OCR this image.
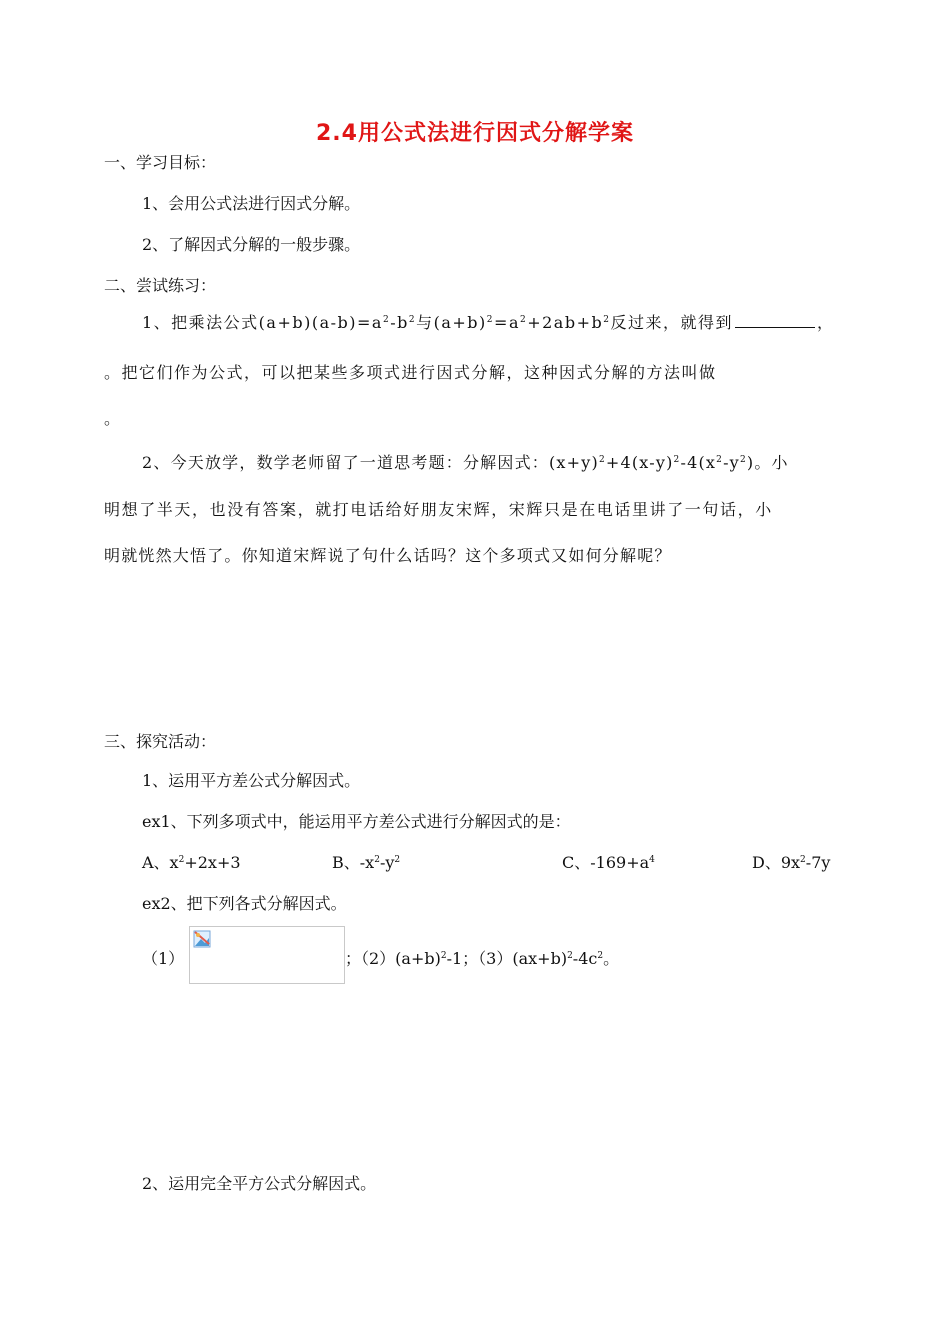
2.4用公式法进行因式分解学案
一、学习目标：
1、会用公式法进行因式分解。
2、了解因式分解的一般步骤。
二、尝试练习：
1、把乘法公式$(a+b)(a-b)=a^2-b^2$与$(a+b)^2=a^2+2ab+b^2$反过来，就得到	，
。把它们作为公式，可以把某些多项式进行因式分解，这种因式分解的方法叫做
。
2、今天放学，数学老师留了一道思考题：分解因式：$(x+y)^2+4(x-y)^2-4(x^2-y^2)$。小
明想了半天，也没有答案，就打电话给好朋友宋辉，宋辉只是在电话里讲了一句话，小
明就恍然大悟了。你知道宋辉说了句什么话吗？这个多项式又如何分解呢？
三、探究活动：
1、运用平方差公式分解因式。
ex1、下列多项式中，能运用平方差公式进行分解因式的是：
A、$x^2+2x+3$	B、$-x^2-y^2$	C、$-169+a^4$	D、$9x^2-7y$
ex2、把下列各式分解因式。
（1）	；$(2)(a+b)^2-1$；$(3)(ax+b)^2-4c^2$。
2、运用完全平方公式分解因式。
